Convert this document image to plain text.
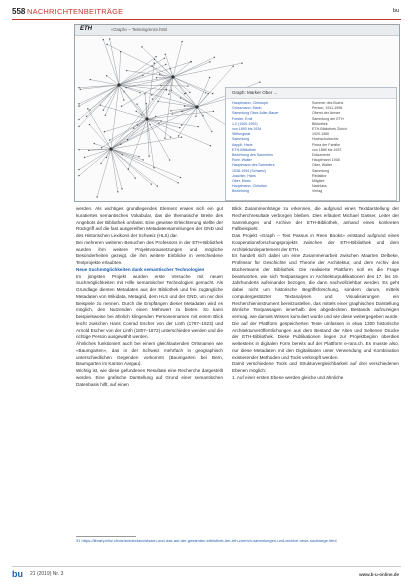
558 NACHRICHTENBEITRÄGE	bu
ETH	«Graph» – Testeingrenze.html
Graph: Marker Ober ...
Hauptmann, Christoph
Grossmann, Mario
Sammlung Ober-Adler-Bauer
Forster, Emil
1.0 (1900-1992)
von 1890 bis 1934
Stiftungsrat
Sammlung
Aeppli, Hans
ETH-Bibliothek
Beziehung des Sammlers
Rohr, Walter
Hauptmann des Sammlers
1938-1994 (Schweiz)
Joachim, Hans
Ober, Mario
Hauptmann, Christian
Beziehung
Sommer des Buchs
Person, 1911-1998
Oberst der Armee
Sammlung der ETH
Bibliothek
ETH-Bibliothek Zürich
1920-1980
Hochschularchiv
Firma der Familie
von 1889 bis 1922
Dokumente
Hauptmann 1938
Ober, Walter
Sammlung
Redaktor
Mitglied
Nachlass
Verlag

werden. Als wichtiges grundlegendes Element erwies sich ein gut kuratiertes semantisches Vokabular, das die thematische Breite des Angebots der Bibliothek umfasst. Eine gewisse Erleichterung stellte der Rückgriff auf die fast ausgereiften Metadatensammlungen der GND und des Historischen Lexikons der Schweiz (HLS) dar.

Bei mehreren weiteren Besuchen des Professors in der ETH-Bibliothek wurden ihm weitere Projektvorausetzungen und mögliche Besonderheiten gezeigt, die ihm weitere Einblicke in verschiedene Textprojekte erlaubten.

Neue Suchmöglichkeiten dank semantischer Technologien

Im jüngsten Projekt wurden erste Versuche mit neuen Suchmöglichkeiten mit Hilfe semantischer Technologien gemacht. Als Grundlage dienten Metadaten aus der Bibliothek und frei zugängliche Metadaten von Wikidata, Metagrid, dem HLS und der GND, um nur drei Beispiele zu nennen. Durch die Empfängen dieser Metadaten wird es möglich, den Nutzenden einen Mehrwert zu bieten. So kann beispielsweise bei ähnlich klingenden Personennamen mit einem Blick leicht zwischen Hans Conrad Escher von der Linth (1767–1823) und Arnold Escher von der Linth (1807–1872) unterschieden werden und die richtige Person ausgewählt werden.

Ähnliches funktioniert auch bei einem gleichlautenden Ortsnamen wie «Baumgarten», das in der Schweiz mehrfach in geographisch unterschiedlichen Gegenden vorkommt (Baumgarten bei Bern, Baumgarten im Kanton Aargau).

Wichtig ist, wie diese gefundenen Resultate eine Recherche dargestellt werden. Eine grafische Darstellung auf Grund einer semantischen Datenbasis hilft, auf einen

Blick Zusammenhänge zu erkennen, die aufgrund eines Textdarstellung der Recherchresultate verborgen bleiben. Dies erläutert Michael Gasser, Leiter der Sammlungen und Archive der ETH-Bibliothek, anhand eines konkreten Fallbeispiels:

Das Projekt «Graph – Text Passus in Rees Books» entstand aufgrund eines Kooperationsforschungsprojekts zwischen der ETH-Bibliothek und dem Architekturdepartement der ETH.

Es handelt sich dabei um eine Zusammenarbeit zwischen Maarten Delbeke, Professor für Geschichte und Theorie der Architektur, und dem Archiv des Bücherteams der Bibliothek. Die realisierte Plattform soll es die Frage beantworten, wie sich Textpassagen in Architekturpublikationen des 17. bis 19. Jahrhunderts aufeinander bezogen, die dann nachvollziehbar werden. Es geht dabei nicht um historische Begriffsforschung, sondern darum, mittels computergestützter Textanalysen und Visualisierungen ein Recherchieninstrument bereitzustellen, das mittels einer graphischen Darstellung ähnliche Textpassagen innerhalb des abgedeckten Bestands aufzuzeigen vermag, wie damals Wissen kumuliert wurde und wie diese weitergegeben wurde.

Die auf der Plattform gespeicherten Texte umfassen in etwa 1300 historische Architekturveröffentlichungen aus dem Bestand der Alten und Seltenen Drucke der ETH-Bibliothek. Diese Publikationen liegen zur Projektbeginn überdies weitestens in digitalen Form bereits auf der Plattform e-rara.ch. Es musste also, nur diese Metadaten mit den Digitalisaten unter Verwendung und Kombination existierender Methoden und Tools verknüpft werden.

Damit verschiedene Tools und Strukturvergleichbarkeit auf drei verschiedenen Ebenen möglich:

1. Auf einer ersten Ebene werden gleiche und ähnliche

31 https://library.ethz.ch/de/entdecken/wissen-und-das-auf-der-gesamten-bibliothek-der-eth-zuerich-sammlungen-und-archive-neue-suchwege.html
bu 21 (2019) Nr. 3	www.b-u-online.de
